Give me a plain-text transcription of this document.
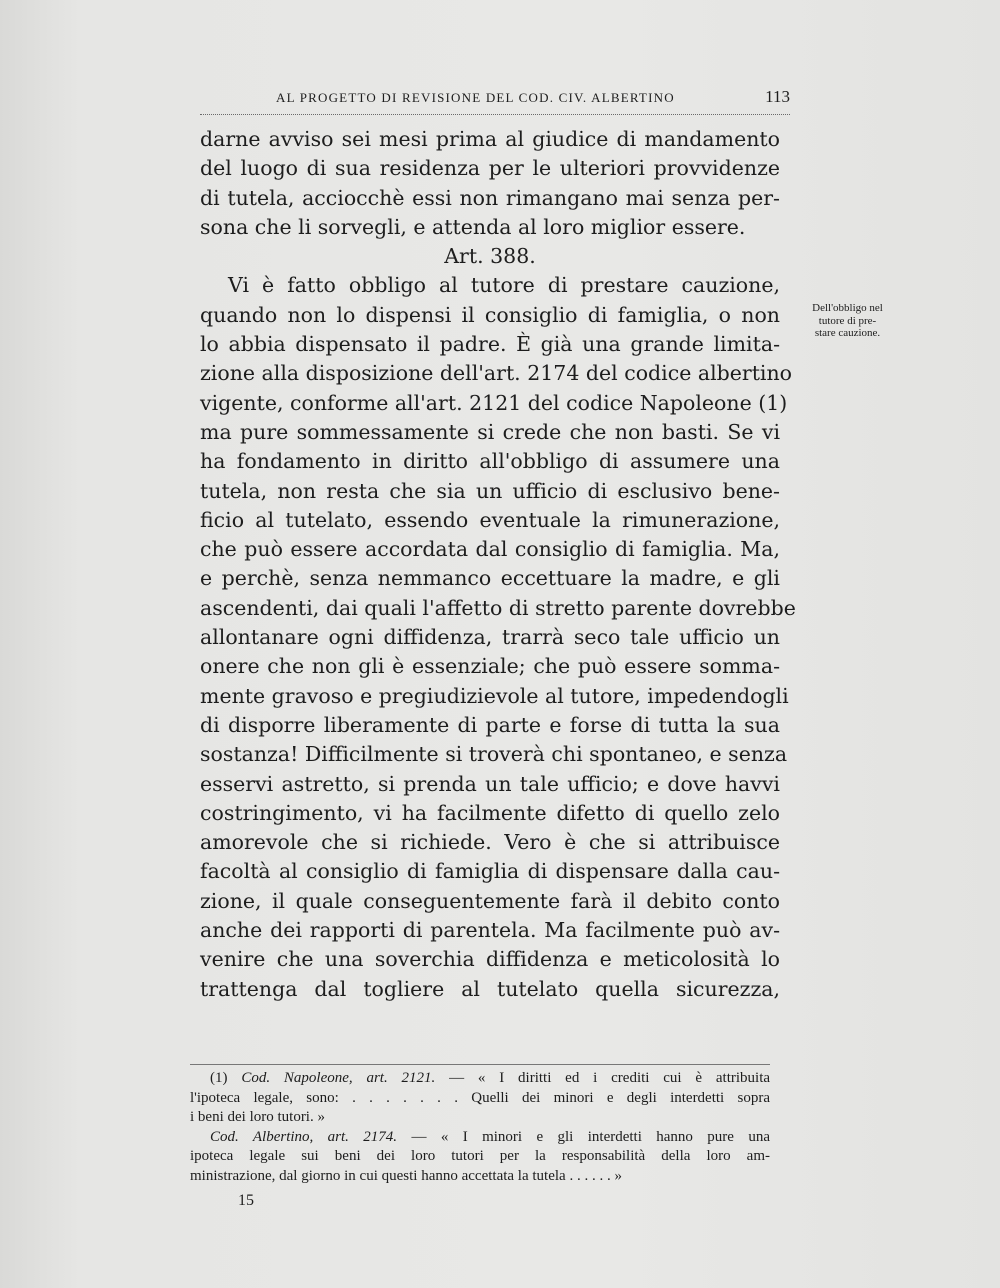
AL PROGETTO DI REVISIONE DEL COD. CIV. ALBERTINO	113
darne avviso sei mesi prima al giudice di mandamento
del luogo di sua residenza per le ulteriori provvidenze
di tutela, acciocchè essi non rimangano mai senza per-
sona che li sorvegli, e attenda al loro miglior essere.
Art. 388.
Vi è fatto obbligo al tutore di prestare cauzione,
quando non lo dispensi il consiglio di famiglia, o non
lo abbia dispensato il padre. È già una grande limita-
zione alla disposizione dell'art. 2174 del codice albertino
vigente, conforme all'art. 2121 del codice Napoleone (1)
ma pure sommessamente si crede che non basti. Se vi
ha fondamento in diritto all'obbligo di assumere una
tutela, non resta che sia un ufficio di esclusivo bene-
ficio al tutelato, essendo eventuale la rimunerazione,
che può essere accordata dal consiglio di famiglia. Ma,
e perchè, senza nemmanco eccettuare la madre, e gli
ascendenti, dai quali l'affetto di stretto parente dovrebbe
allontanare ogni diffidenza, trarrà seco tale ufficio un
onere che non gli è essenziale; che può essere somma-
mente gravoso e pregiudizievole al tutore, impedendogli
di disporre liberamente di parte e forse di tutta la sua
sostanza! Difficilmente si troverà chi spontaneo, e senza
esservi astretto, si prenda un tale ufficio; e dove havvi
costringimento, vi ha facilmente difetto di quello zelo
amorevole che si richiede. Vero è che si attribuisce
facoltà al consiglio di famiglia di dispensare dalla cau-
zione, il quale conseguentemente farà il debito conto
anche dei rapporti di parentela. Ma facilmente può av-
venire che una soverchia diffidenza e meticolosità lo
trattenga dal togliere al tutelato quella sicurezza,
Dell'obbligo nel
tutore di pre-
stare cauzione.
(1) Cod. Napoleone, art. 2121. — « I diritti ed i crediti cui è attribuita
l'ipoteca legale, sono: . . . . . . . Quelli dei minori e degli interdetti sopra
i beni dei loro tutori. »
Cod. Albertino, art. 2174. — « I minori e gli interdetti hanno pure una
ipoteca legale sui beni dei loro tutori per la responsabilità della loro am-
ministrazione, dal giorno in cui questi hanno accettata la tutela . . . . . . »
15
